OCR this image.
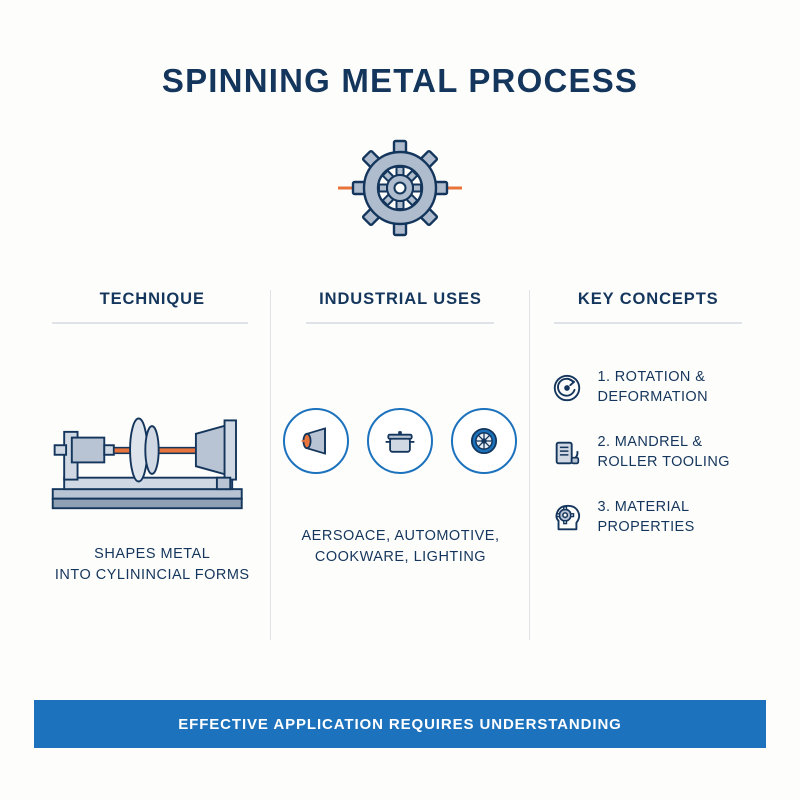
SPINNING METAL PROCESS
TECHNIQUE
SHAPES METAL
INTO CYLININCIAL FORMS
INDUSTRIAL USES
AERSOACE, AUTOMOTIVE,
COOKWARE, LIGHTING
KEY CONCEPTS
1. ROTATION &
DEFORMATION
2. MANDREL &
ROLLER TOOLING
3. MATERIAL
PROPERTIES
EFFECTIVE APPLICATION REQUIRES UNDERSTANDING
